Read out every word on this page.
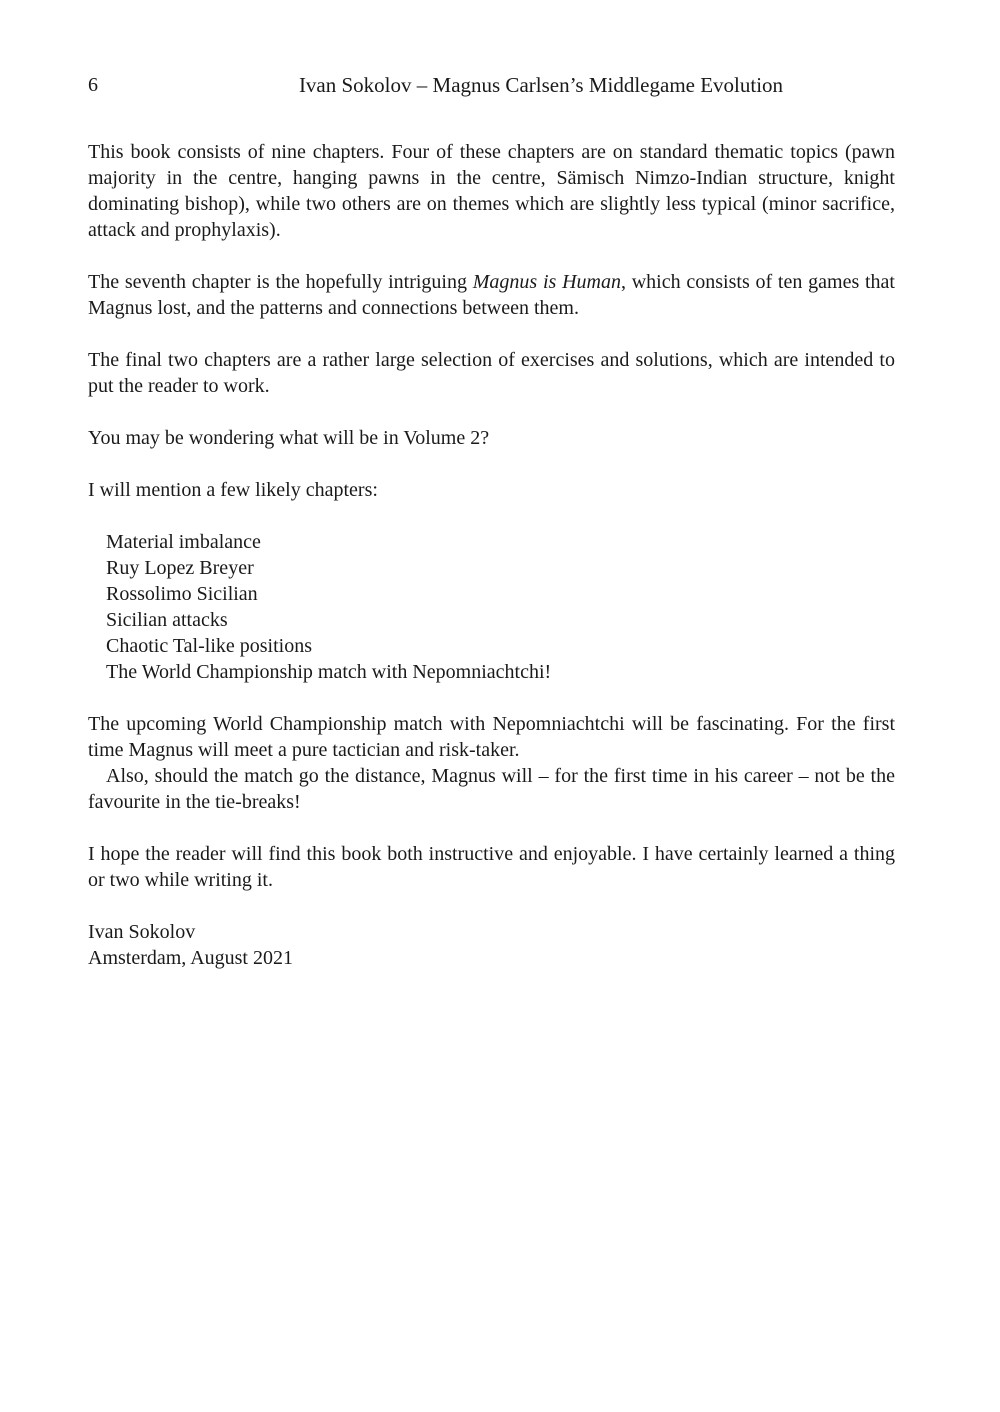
6	Ivan Sokolov – Magnus Carlsen’s Middlegame Evolution

This book consists of nine chapters. Four of these chapters are on standard thematic topics (pawn majority in the centre, hanging pawns in the centre, Sämisch Nimzo-Indian structure, knight dominating bishop), while two others are on themes which are slightly less typical (minor sacrifice, attack and prophylaxis).

The seventh chapter is the hopefully intriguing Magnus is Human, which consists of ten games that Magnus lost, and the patterns and connections between them.

The final two chapters are a rather large selection of exercises and solutions, which are intended to put the reader to work.

You may be wondering what will be in Volume 2?

I will mention a few likely chapters:

Material imbalance
Ruy Lopez Breyer
Rossolimo Sicilian
Sicilian attacks
Chaotic Tal-like positions
The World Championship match with Nepomniachtchi!

The upcoming World Championship match with Nepomniachtchi will be fascinating. For the first time Magnus will meet a pure tactician and risk-taker.

Also, should the match go the distance, Magnus will – for the first time in his career – not be the favourite in the tie-breaks!

I hope the reader will find this book both instructive and enjoyable. I have certainly learned a thing or two while writing it.

Ivan Sokolov
Amsterdam, August 2021
